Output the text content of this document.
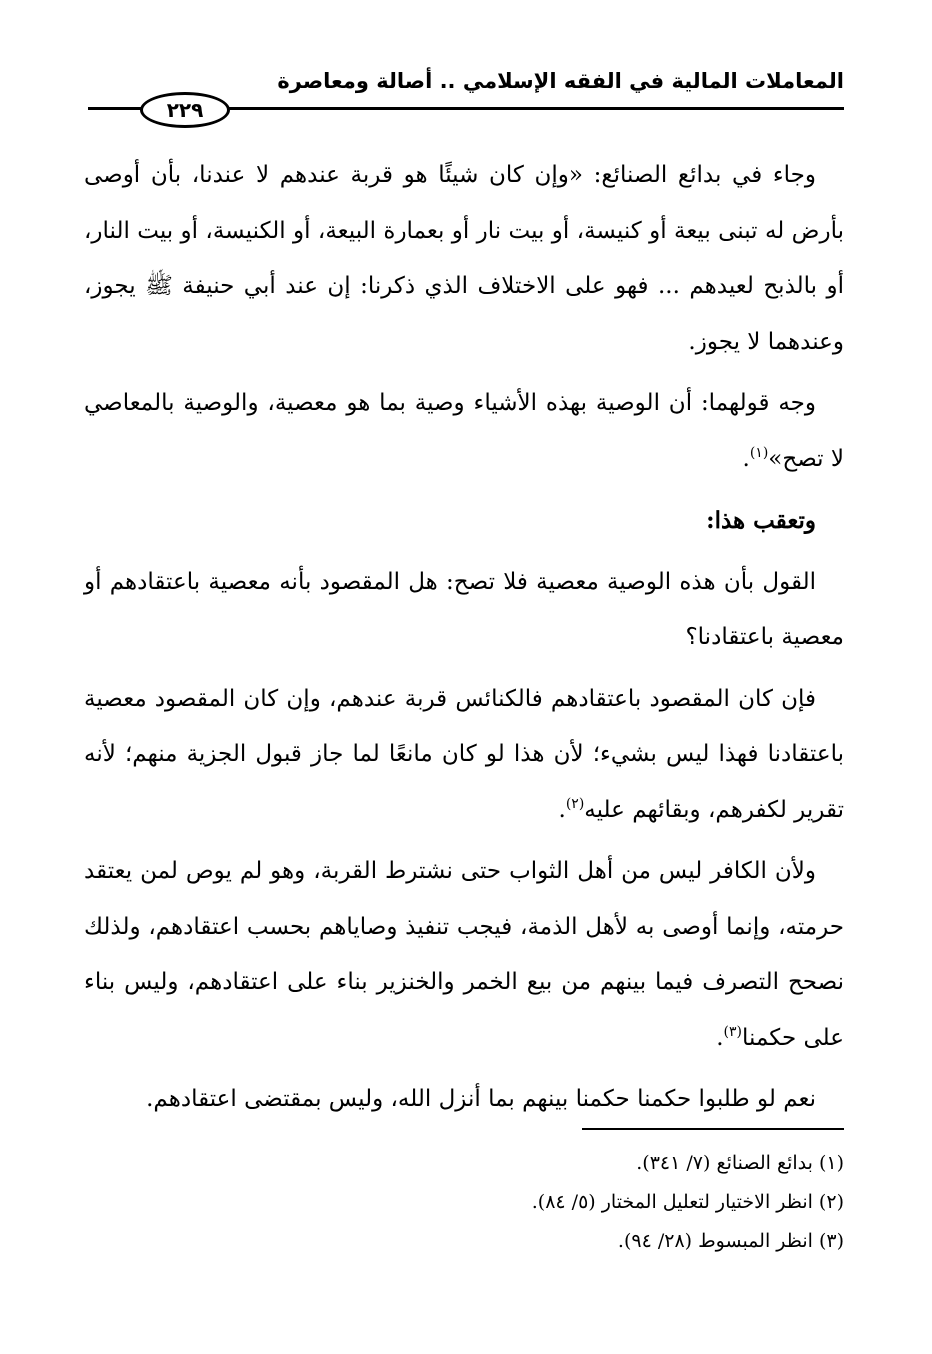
المعاملات المالية في الفقه الإسلامي .. أصالة ومعاصرة
٢٢٩

وجاء في بدائع الصنائع: «وإن كان شيئًا هو قربة عندهم لا عندنا، بأن أوصى بأرض له تبنى بيعة أو كنيسة، أو بيت نار أو بعمارة البيعة، أو الكنيسة، أو بيت النار، أو بالذبح لعيدهم ... فهو على الاختلاف الذي ذكرنا: إن عند أبي حنيفة ﷺ يجوز، وعندهما لا يجوز.

وجه قولهما: أن الوصية بهذه الأشياء وصية بما هو معصية، والوصية بالمعاصي لا تصح»$^{(١)}$.

وتعقب هذا:

القول بأن هذه الوصية معصية فلا تصح: هل المقصود بأنه معصية باعتقادهم أو معصية باعتقادنا؟

فإن كان المقصود باعتقادهم فالكنائس قربة عندهم، وإن كان المقصود معصية باعتقادنا فهذا ليس بشيء؛ لأن هذا لو كان مانعًا لما جاز قبول الجزية منهم؛ لأنه تقرير لكفرهم، وبقائهم عليه$^{(٢)}$.

ولأن الكافر ليس من أهل الثواب حتى نشترط القربة، وهو لم يوص لمن يعتقد حرمته، وإنما أوصى به لأهل الذمة، فيجب تنفيذ وصاياهم بحسب اعتقادهم، ولذلك نصحح التصرف فيما بينهم من بيع الخمر والخنزير بناء على اعتقادهم، وليس بناء على حكمنا$^{(٣)}$.

نعم لو طلبوا حكمنا حكمنا بينهم بما أنزل الله، وليس بمقتضى اعتقادهم.

(١) بدائع الصنائع (٧/ ٣٤١).

(٢) انظر الاختيار لتعليل المختار (٥/ ٨٤).

(٣) انظر المبسوط (٢٨/ ٩٤).
